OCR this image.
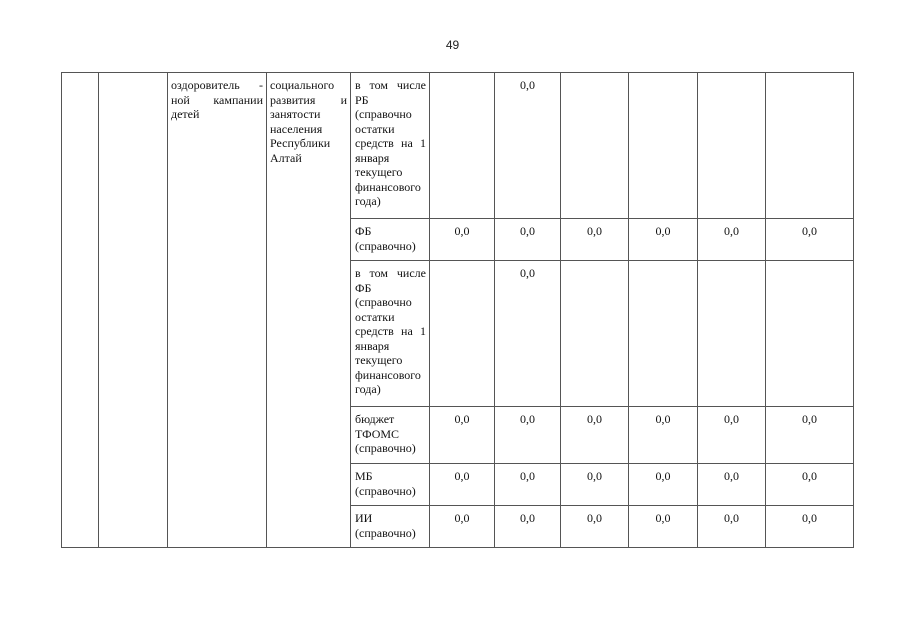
49
		оздоровитель - ной кампании детей	социального развития и занятости населения Республики Алтай	в том числе РБ (справочно остатки средств на 1 января текущего финансового года)		0,0				
				ФБ (справочно)	0,0	0,0	0,0	0,0	0,0	0,0
				в том числе ФБ (справочно остатки средств на 1 января текущего финансового года)		0,0				
				бюджет ТФОМС (справочно)	0,0	0,0	0,0	0,0	0,0	0,0
				МБ (справочно)	0,0	0,0	0,0	0,0	0,0	0,0
				ИИ (справочно)	0,0	0,0	0,0	0,0	0,0	0,0
